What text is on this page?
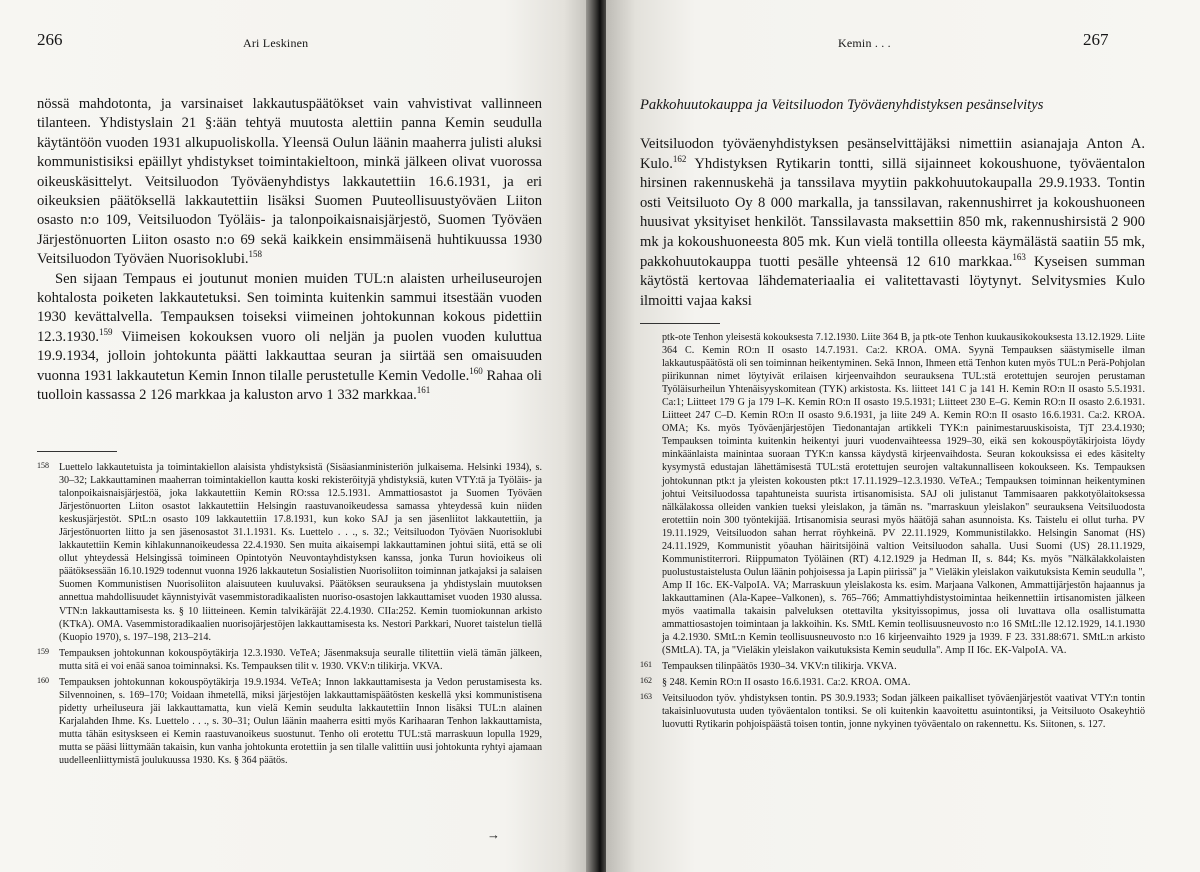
266	Ari Leskinen

nössä mahdotonta, ja varsinaiset lakkautuspäätökset vain vahvistivat vallinneen tilanteen. Yhdistyslain 21 §:ään tehtyä muutosta alettiin panna Kemin seudulla käytäntöön vuoden 1931 alkupuoliskolla. Yleensä Oulun läänin maaherra julisti aluksi kommunistisiksi epäillyt yhdistykset toimintakieltoon, minkä jälkeen olivat vuorossa oikeuskäsittelyt. Veitsiluodon Työväenyhdistys lakkautettiin 16.6.1931, ja eri oikeuksien päätöksellä lakkautettiin lisäksi Suomen Puuteollisuustyöväen Liiton osasto n:o 109, Veitsiluodon Työläis- ja talonpoikaisnaisjärjestö, Suomen Työväen Järjestönuorten Liiton osasto n:o 69 sekä kaikkein ensimmäisenä huhtikuussa 1930 Veitsiluodon Työväen Nuorisoklubi.$^{158}$

Sen sijaan Tempaus ei joutunut monien muiden TUL:n alaisten urheiluseurojen kohtalosta poiketen lakkautetuksi. Sen toiminta kuitenkin sammui itsestään vuoden 1930 kevättalvella. Tempauksen toiseksi viimeinen johtokunnan kokous pidettiin 12.3.1930.$^{159}$ Viimeisen kokouksen vuoro oli neljän ja puolen vuoden kuluttua 19.9.1934, jolloin johtokunta päätti lakkauttaa seuran ja siirtää sen omaisuuden vuonna 1931 lakkautetun Kemin Innon tilalle perustetulle Kemin Vedolle.$^{160}$ Rahaa oli tuolloin kassassa 2 126 markkaa ja kaluston arvo 1 332 markkaa.$^{161}$

158 Luettelo lakkautetuista ja toimintakiellon alaisista yhdistyksistä (Sisäasianministeriön julkaisema. Helsinki 1934), s. 30–32; Lakkauttaminen maaherran toimintakiellon kautta koski rekisteröityjä yhdistyksiä, kuten VTY:tä ja Työläis- ja talonpoikaisnaisjärjestöä, joka lakkautettiin Kemin RO:ssa 12.5.1931. Ammattiosastot ja Suomen Työväen Järjestönuorten Liiton osastot lakkautettiin Helsingin raastuvanoikeudessa samassa yhteydessä kuin niiden keskusjärjestöt. SPtL:n osasto 109 lakkautettiin 17.8.1931, kun koko SAJ ja sen jäsenliitot lakkautettiin, ja Järjestönuorten liitto ja sen jäsenosastot 31.1.1931. Ks. Luettelo . . ., s. 32.; Veitsiluodon Työväen Nuorisoklubi lakkautettiin Kemin kihlakunnanoikeudessa 22.4.1930. Sen muita aikaisempi lakkauttaminen johtui siitä, että se oli ollut yhteydessä Helsingissä toimineen Opintotyön Neuvontayhdistyksen kanssa, jonka Turun hovioikeus oli päätöksessään 16.10.1929 todennut vuonna 1926 lakkautetun Sosialistien Nuorisoliiton toiminnan jatkajaksi ja salaisen Suomen Kommunistisen Nuorisoliiton alaisuuteen kuuluvaksi. Päätöksen seurauksena ja yhdistyslain muutoksen annettua mahdollisuudet käynnistyivät vasemmistoradikaalisten nuoriso-osastojen lakkauttamiset vuoden 1930 alussa. VTN:n lakkauttamisesta ks. § 10 liitteineen. Kemin talvikäräjät 22.4.1930. CIIa:252. Kemin tuomiokunnan arkisto (KTkA). OMA. Vasemmistoradikaalien nuorisojärjestöjen lakkauttamisesta ks. Nestori Parkkari, Nuoret taistelun tiellä (Kuopio 1970), s. 197–198, 213–214.

159 Tempauksen johtokunnan kokouspöytäkirja 12.3.1930. VeTeA; Jäsenmaksuja seuralle tilitettiin vielä tämän jälkeen, mutta sitä ei voi enää sanoa toiminnaksi. Ks. Tempauksen tilit v. 1930. VKV:n tilikirja. VKVA.

160 Tempauksen johtokunnan kokouspöytäkirja 19.9.1934. VeTeA; Innon lakkauttamisesta ja Vedon perustamisesta ks. Silvennoinen, s. 169–170; Voidaan ihmetellä, miksi järjestöjen lakkauttamispäätösten keskellä yksi kommunistisena pidetty urheiluseura jäi lakkauttamatta, kun vielä Kemin seudulta lakkautettiin Innon lisäksi TUL:n alainen Karjalahden Ihme. Ks. Luettelo . . ., s. 30–31; Oulun läänin maaherra esitti myös Karihaaran Tenhon lakkauttamista, mutta tähän esityskseen ei Kemin raastuvanoikeus suostunut. Tenho oli erotettu TUL:stä marraskuun lopulla 1929, mutta se pääsi liittymään takaisin, kun vanha johtokunta erotettiin ja sen tilalle valittiin uusi johtokunta ryhtyi ajamaan uudelleenliittymistä joulukuussa 1930. Ks. § 364 päätös.

→
Kemin . . .	267
Pakkohuutokauppa ja Veitsiluodon Työväenyhdistyksen pesänselvitys

Veitsiluodon työväenyhdistyksen pesänselvittäjäksi nimettiin asianajaja Anton A. Kulo.$^{162}$ Yhdistyksen Rytikarin tontti, sillä sijainneet kokoushuone, työväentalon hirsinen rakennuskehä ja tanssilava myytiin pakkohuutokaupalla 29.9.1933. Tontin osti Veitsiluoto Oy 8 000 markalla, ja tanssilavan, rakennushirret ja kokoushuoneen huusivat yksityiset henkilöt. Tanssilavasta maksettiin 850 mk, rakennushirsistä 2 900 mk ja kokoushuoneesta 805 mk. Kun vielä tontilla olleesta käymälästä saatiin 55 mk, pakkohuutokauppa tuotti pesälle yhteensä 12 610 markkaa.$^{163}$ Kyseisen summan käytöstä kertovaa lähdemateriaalia ei valitettavasti löytynyt. Selvitysmies Kulo ilmoitti vajaa kaksi

ptk-ote Tenhon yleisestä kokouksesta 7.12.1930. Liite 364 B, ja ptk-ote Tenhon kuukausikokouksesta 13.12.1929. Liite 364 C. Kemin RO:n II osasto 14.7.1931. Ca:2. KROA. OMA. Syynä Tempauksen säästymiselle ilman lakkautuspäätöstä oli sen toiminnan heikentyminen. Sekä Innon, Ihmeen että Tenhon kuten myös TUL:n Perä-Pohjolan piirikunnan nimet löytyivät erilaisen kirjeenvaihdon seurauksena TUL:stä erotettujen seurojen perustaman Työläisurheilun Yhtenäisyyskomitean (TYK) arkistosta. Ks. liitteet 141 C ja 141 H. Kemin RO:n II osasto 5.5.1931. Ca:1; Liitteet 179 G ja 179 I–K. Kemin RO:n II osasto 19.5.1931; Liitteet 230 E–G. Kemin RO:n II osasto 2.6.1931. Liitteet 247 C–D. Kemin RO:n II osasto 9.6.1931, ja liite 249 A. Kemin RO:n II osasto 16.6.1931. Ca:2. KROA. OMA; Ks. myös Työväenjärjestöjen Tiedonantajan artikkeli TYK:n painimestaruuskisoista, TjT 23.4.1930; Tempauksen toiminta kuitenkin heikentyi juuri vuodenvaihteessa 1929–30, eikä sen kokouspöytäkirjoista löydy minkäänlaista mainintaa suoraan TYK:n kanssa käydystä kirjeenvaihdosta. Seuran kokouksissa ei edes käsitelty kysymystä edustajan lähettämisestä TUL:stä erotettujen seurojen valtakunnalliseen kokoukseen. Ks. Tempauksen johtokunnan ptk:t ja yleisten kokousten ptk:t 17.11.1929–12.3.1930. VeTeA.; Tempauksen toiminnan heikentyminen johtui Veitsiluodossa tapahtuneista suurista irtisanomisista. SAJ oli julistanut Tammisaaren pakkotyölaitoksessa nälkälakossa olleiden vankien tueksi yleislakon, ja tämän ns. "marraskuun yleislakon" seurauksena Veitsiluodosta erotettiin noin 300 työntekijää. Irtisanomisia seurasi myös häätöjä sahan asunnoista. Ks. Taistelu ei ollut turha. PV 19.11.1929, Veitsiluodon sahan herrat röyhkeinä. PV 22.11.1929, Kommunistilakko. Helsingin Sanomat (HS) 24.11.1929, Kommunistit yöauhan häiritsijöinä valtion Veitsiluodon sahalla. Uusi Suomi (US) 28.11.1929, Kommunistiterrori. Riippumaton Työläinen (RT) 4.12.1929 ja Hedman II, s. 844; Ks. myös "Nälkälakkolaisten puolustustaistelusta Oulun läänin pohjoisessa ja Lapin piirissä" ja " Vieläkin yleislakon vaikutuksista Kemin seudulla ", Amp II 16c. EK-ValpoIA. VA; Marraskuun yleislakosta ks. esim. Marjaana Valkonen, Ammattijärjestön hajaannus ja lakkauttaminen (Ala-Kapee–Valkonen), s. 765–766; Ammattiyhdistystoimintaa heikennettiin irtisanomisten jälkeen myös vaatimalla takaisin palveluksen otettavilta yksityissopimus, jossa oli luvattava olla osallistumatta ammattiosastojen toimintaan ja lakkoihin. Ks. SMtL Kemin teollisuusneuvosto n:o 16 SMtL:lle 12.12.1929, 14.1.1930 ja 4.2.1930. SMtL:n Kemin teollisuusneuvosto n:o 16 kirjeenvaihto 1929 ja 1939. F 23. 331.88:671. SMtL:n arkisto (SMtLA). TA, ja "Vieläkin yleislakon vaikutuksista Kemin seudulla". Amp II I6c. EK-ValpoIA. VA.

161 Tempauksen tilinpäätös 1930–34. VKV:n tilikirja. VKVA.

162 § 248. Kemin RO:n II osasto 16.6.1931. Ca:2. KROA. OMA.

163 Veitsiluodon työv. yhdistyksen tontin. PS 30.9.1933; Sodan jälkeen paikalliset työväenjärjestöt vaativat VTY:n tontin takaisinluovutusta uuden työväentalon tontiksi. Se oli kuitenkin kaavoitettu asuintontiksi, ja Veitsiluoto Osakeyhtiö luovutti Rytikarin pohjoispäästä toisen tontin, jonne nykyinen työväentalo on rakennettu. Ks. Siitonen, s. 127.
